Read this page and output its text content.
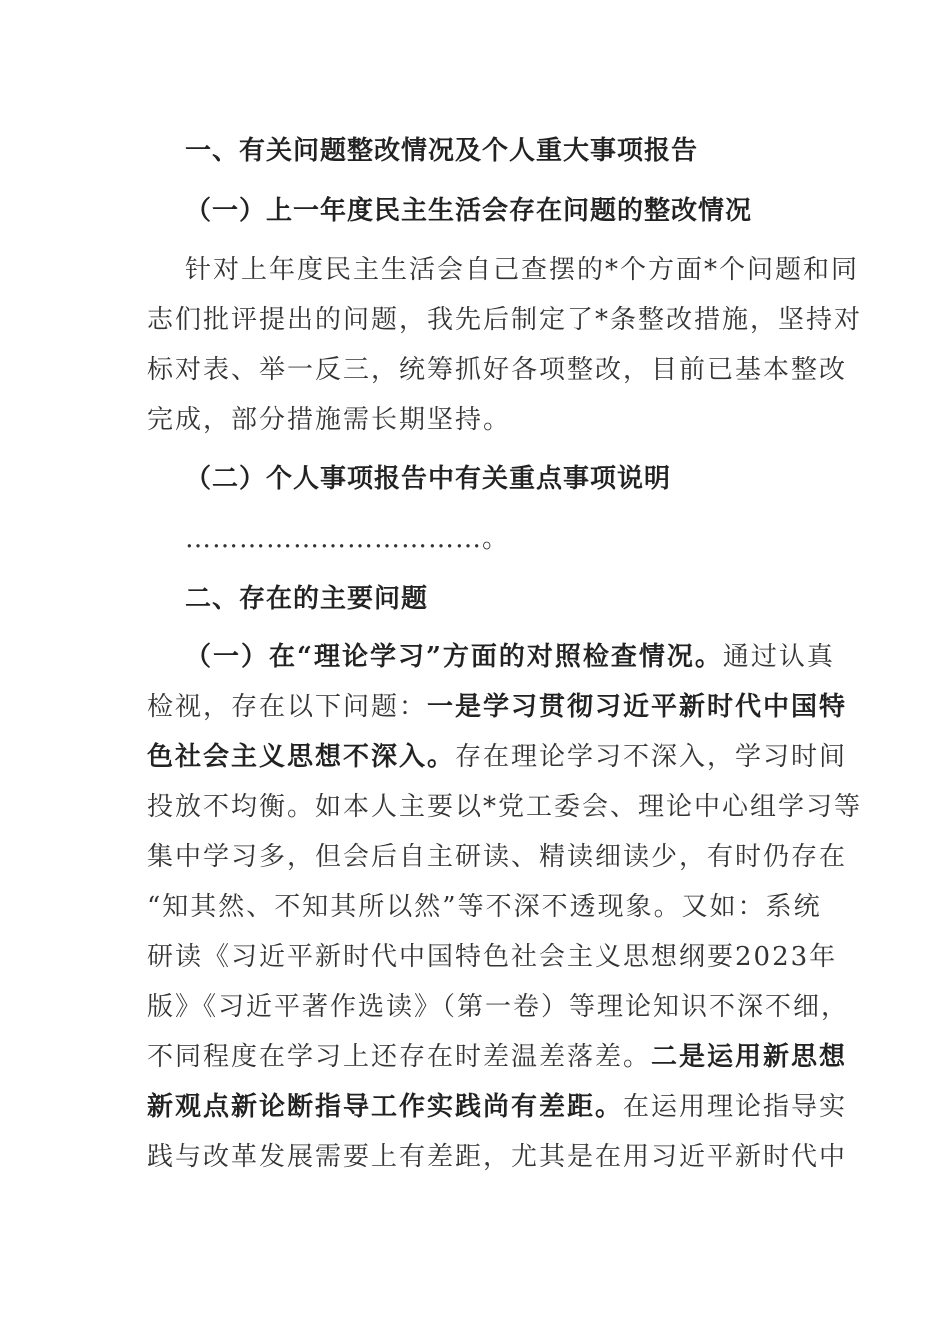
一、有关问题整改情况及个人重大事项报告
（一）上一年度民主生活会存在问题的整改情况
针对上年度民主生活会自己查摆的*个方面*个问题和同
志们批评提出的问题，我先后制定了*条整改措施，坚持对
标对表、举一反三，统筹抓好各项整改，目前已基本整改
完成，部分措施需长期坚持。
（二）个人事项报告中有关重点事项说明
……………………………。
二、存在的主要问题
（一）在“理论学习”方面的对照检查情况。通过认真
检视，存在以下问题：一是学习贯彻习近平新时代中国特
色社会主义思想不深入。存在理论学习不深入，学习时间
投放不均衡。如本人主要以*党工委会、理论中心组学习等
集中学习多，但会后自主研读、精读细读少，有时仍存在
“知其然、不知其所以然”等不深不透现象。又如：系统
研读《习近平新时代中国特色社会主义思想纲要2023年
版》《习近平著作选读》（第一卷）等理论知识不深不细，
不同程度在学习上还存在时差温差落差。二是运用新思想
新观点新论断指导工作实践尚有差距。在运用理论指导实
践与改革发展需要上有差距，尤其是在用习近平新时代中
